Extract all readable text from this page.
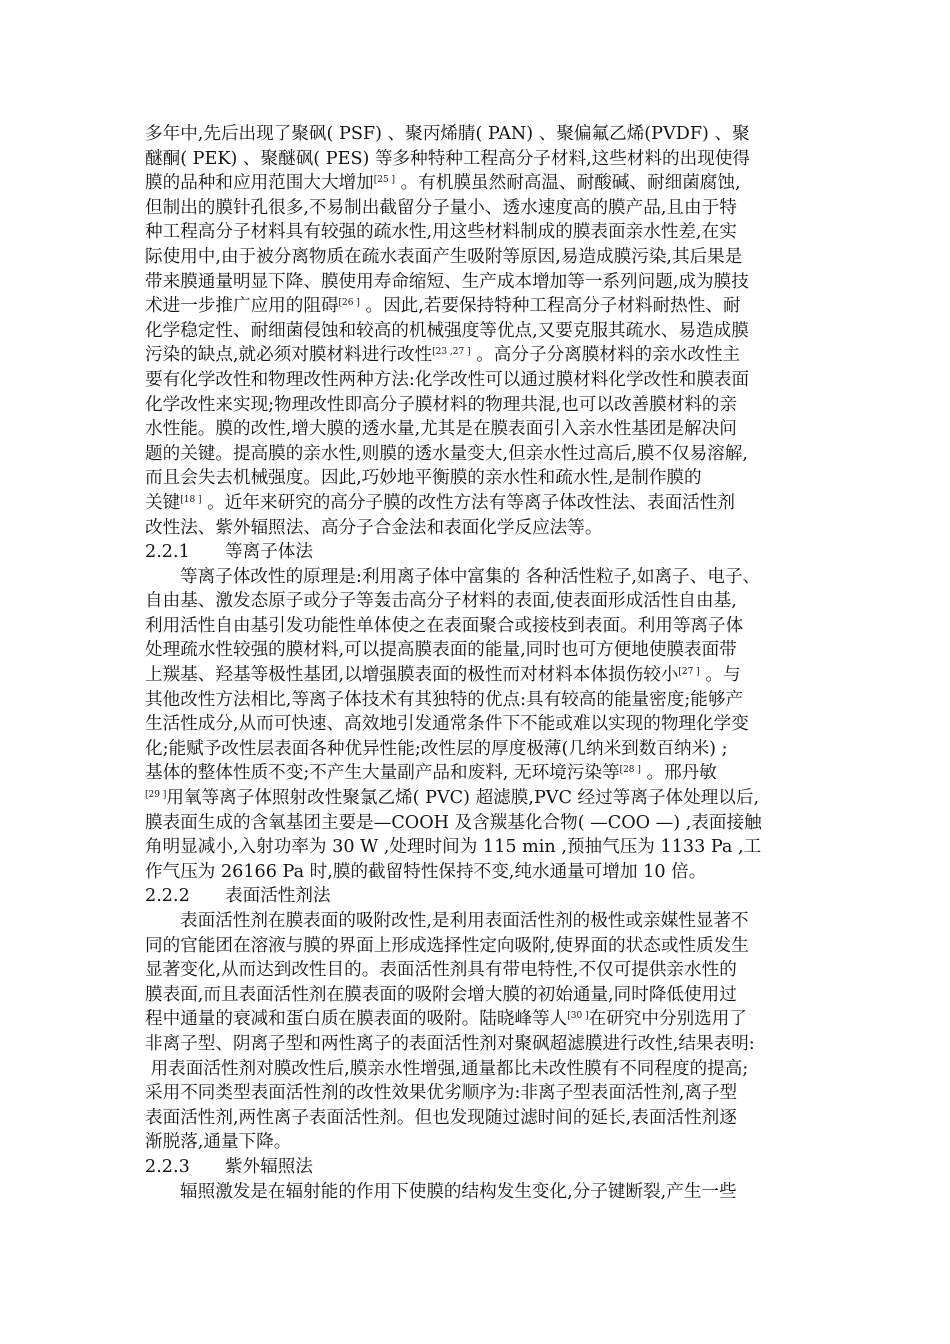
多年中,先后出现了聚砜( PSF) 、聚丙烯腈( PAN) 、聚偏氟乙烯(PVDF) 、聚
醚酮( PEK) 、聚醚砜( PES) 等多种特种工程高分子材料,这些材料的出现使得
膜的品种和应用范围大大增加[25 ] 。有机膜虽然耐高温、耐酸碱、耐细菌腐蚀,
但制出的膜针孔很多,不易制出截留分子量小、透水速度高的膜产品,且由于特
种工程高分子材料具有较强的疏水性,用这些材料制成的膜表面亲水性差,在实
际使用中,由于被分离物质在疏水表面产生吸附等原因,易造成膜污染,其后果是
带来膜通量明显下降、膜使用寿命缩短、生产成本增加等一系列问题,成为膜技
术进一步推广应用的阻碍[26 ] 。因此,若要保持特种工程高分子材料耐热性、耐
化学稳定性、耐细菌侵蚀和较高的机械强度等优点,又要克服其疏水、易造成膜
污染的缺点,就必须对膜材料进行改性[23 ,27 ] 。高分子分离膜材料的亲水改性主
要有化学改性和物理改性两种方法:化学改性可以通过膜材料化学改性和膜表面
化学改性来实现;物理改性即高分子膜材料的物理共混,也可以改善膜材料的亲
水性能。膜的改性,增大膜的透水量,尤其是在膜表面引入亲水性基团是解决问
题的关键。提高膜的亲水性,则膜的透水量变大,但亲水性过高后,膜不仅易溶解,
而且会失去机械强度。因此,巧妙地平衡膜的亲水性和疏水性,是制作膜的
关键[18 ] 。近年来研究的高分子膜的改性方法有等离子体改性法、表面活性剂
改性法、紫外辐照法、高分子合金法和表面化学反应法等。
2.2.1 等离子体法
等离子体改性的原理是:利用离子体中富集的 各种活性粒子,如离子、电子、
自由基、激发态原子或分子等轰击高分子材料的表面,使表面形成活性自由基,
利用活性自由基引发功能性单体使之在表面聚合或接枝到表面。利用等离子体
处理疏水性较强的膜材料,可以提高膜表面的能量,同时也可方便地使膜表面带
上羰基、羟基等极性基团,以增强膜表面的极性而对材料本体损伤较小[27 ] 。与
其他改性方法相比,等离子体技术有其独特的优点:具有较高的能量密度;能够产
生活性成分,从而可快速、高效地引发通常条件下不能或难以实现的物理化学变
化;能赋予改性层表面各种优异性能;改性层的厚度极薄(几纳米到数百纳米) ;
基体的整体性质不变;不产生大量副产品和废料, 无环境污染等[28 ] 。邢丹敏
[29 ]用氧等离子体照射改性聚氯乙烯( PVC) 超滤膜,PVC 经过等离子体处理以后,
膜表面生成的含氧基团主要是—COOH 及含羰基化合物( —COO —) ,表面接触
角明显减小,入射功率为 30 W ,处理时间为 115 min ,预抽气压为 1133 Pa ,工
作气压为 26166 Pa 时,膜的截留特性保持不变,纯水通量可增加 10 倍。
2.2.2 表面活性剂法
表面活性剂在膜表面的吸附改性,是利用表面活性剂的极性或亲媒性显著不
同的官能团在溶液与膜的界面上形成选择性定向吸附,使界面的状态或性质发生
显著变化,从而达到改性目的。表面活性剂具有带电特性,不仅可提供亲水性的
膜表面,而且表面活性剂在膜表面的吸附会增大膜的初始通量,同时降低使用过
程中通量的衰减和蛋白质在膜表面的吸附。陆晓峰等人[30 ]在研究中分别选用了
非离子型、阴离子型和两性离子的表面活性剂对聚砜超滤膜进行改性,结果表明:
用表面活性剂对膜改性后,膜亲水性增强,通量都比未改性膜有不同程度的提高;
采用不同类型表面活性剂的改性效果优劣顺序为:非离子型表面活性剂,离子型
表面活性剂,两性离子表面活性剂。但也发现随过滤时间的延长,表面活性剂逐
渐脱落,通量下降。
2.2.3 紫外辐照法
辐照激发是在辐射能的作用下使膜的结构发生变化,分子键断裂,产生一些
